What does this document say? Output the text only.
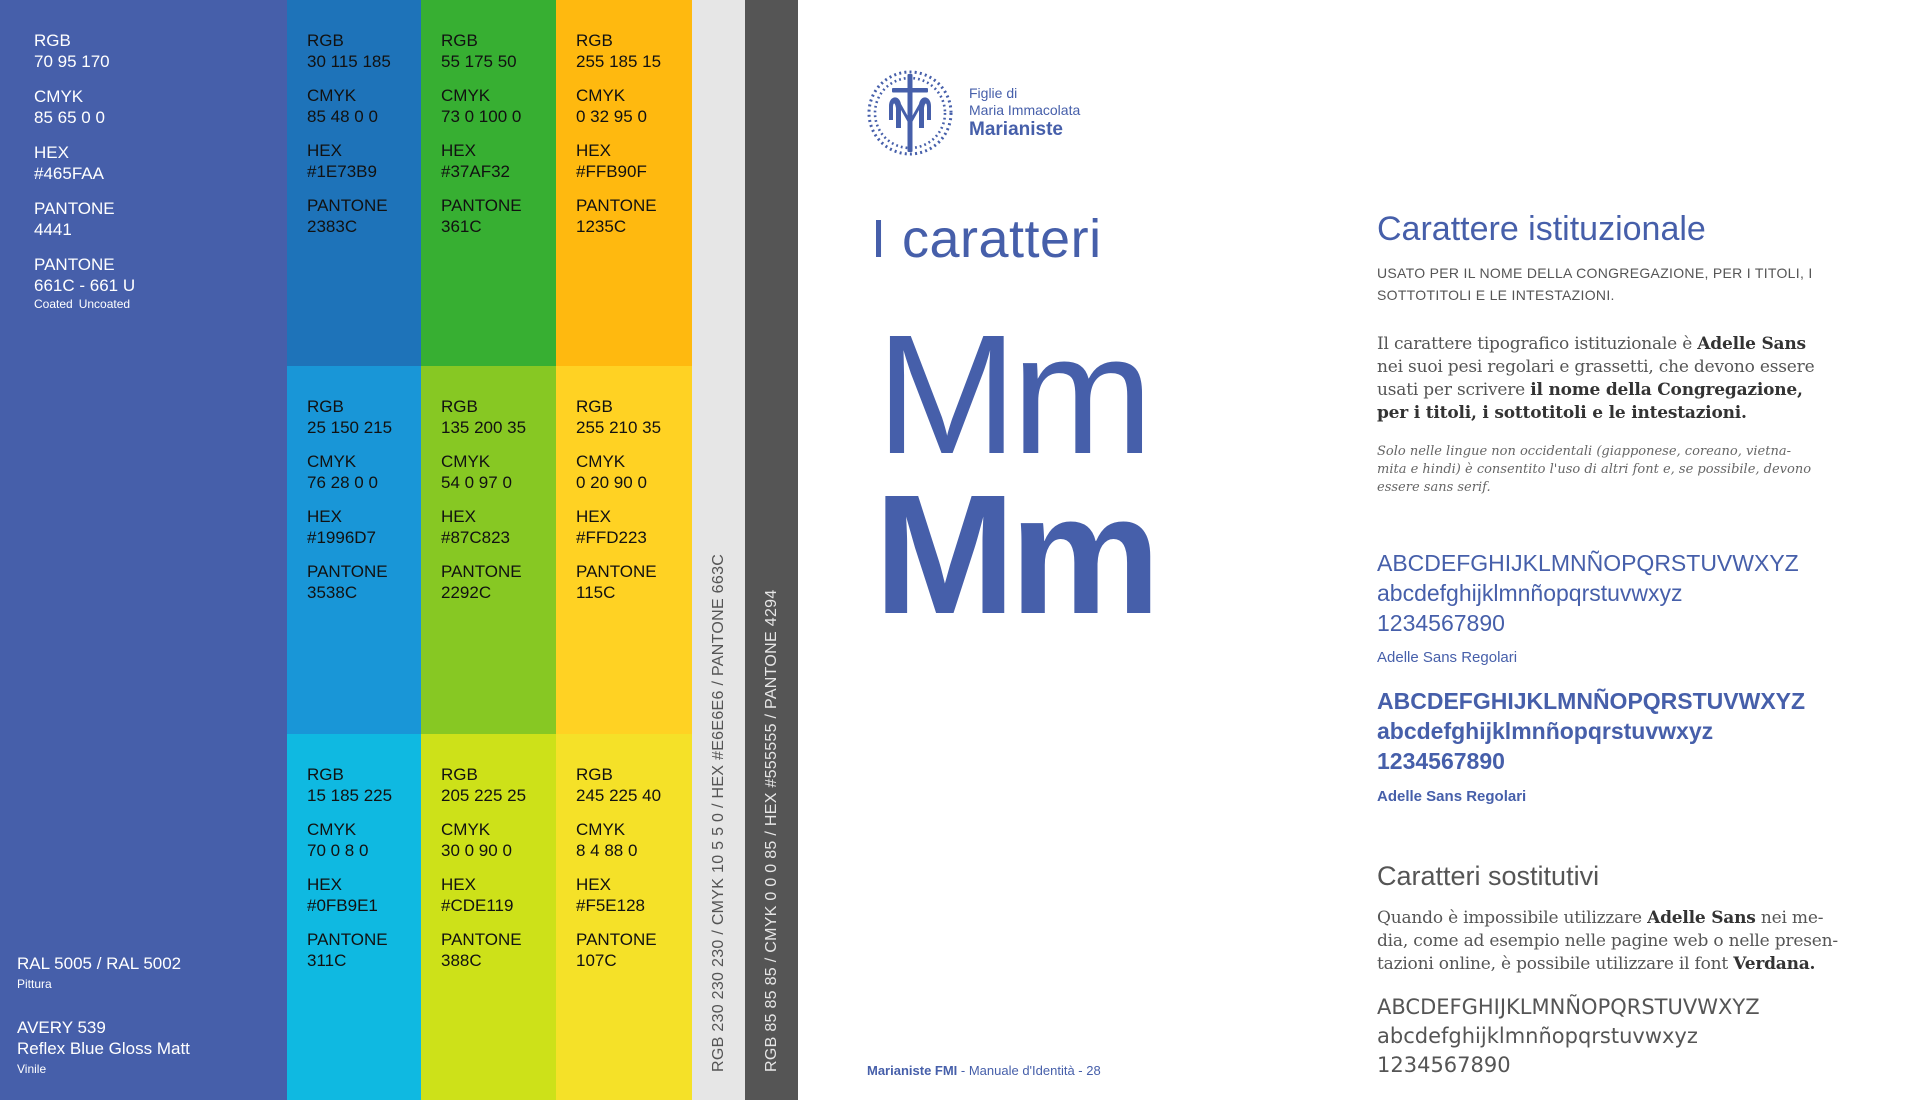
RGB
70 95 170
CMYK
85 65 0 0
HEX
#465FAA
PANTONE
4441
PANTONE
661C - 661 U
Coated Uncoated
RAL 5005 / RAL 5002
Pittura
AVERY 539
Reflex Blue Gloss Matt
Vinile
RGB
30 115 185
CMYK
85 48 0 0
HEX
#1E73B9
PANTONE
2383C
RGB
55 175 50
CMYK
73 0 100 0
HEX
#37AF32
PANTONE
361C
RGB
255 185 15
CMYK
0 32 95 0
HEX
#FFB90F
PANTONE
1235C
RGB
25 150 215
CMYK
76 28 0 0
HEX
#1996D7
PANTONE
3538C
RGB
135 200 35
CMYK
54 0 97 0
HEX
#87C823
PANTONE
2292C
RGB
255 210 35
CMYK
0 20 90 0
HEX
#FFD223
PANTONE
115C
RGB
15 185 225
CMYK
70 0 8 0
HEX
#0FB9E1
PANTONE
311C
RGB
205 225 25
CMYK
30 0 90 0
HEX
#CDE119
PANTONE
388C
RGB
245 225 40
CMYK
8 4 88 0
HEX
#F5E128
PANTONE
107C	RGB 230 230 230 / CMYK 10 5 5 0 / HEX #E6E6E6 / PANTONE 663C RGB 85 85 85 / CMYK 0 0 0 85 / HEX #555555 / PANTONE 4294
Figlie di
Maria Immacolata
Marianiste
I caratteri
Mm
Mm
Carattere istituzionale
USATO PER IL NOME DELLA CONGREGAZIONE, PER I TITOLI, I
SOTTOTITOLI E LE INTESTAZIONI.
Il carattere tipografico istituzionale è Adelle Sans
nei suoi pesi regolari e grassetti, che devono essere
usati per scrivere il nome della Congregazione,
per i titoli, i sottotitoli e le intestazioni.
Solo nelle lingue non occidentali (giapponese, coreano, vietna-
mita e hindi) è consentito l'uso di altri font e, se possibile, devono
essere sans serif.
ABCDEFGHIJKLMNÑOPQRSTUVWXYZ
abcdefghijklmnñopqrstuvwxyz
1234567890
Adelle Sans Regolari
ABCDEFGHIJKLMNÑOPQRSTUVWXYZ
abcdefghijklmnñopqrstuvwxyz
1234567890
Adelle Sans Regolari
Caratteri sostitutivi
Quando è impossibile utilizzare Adelle Sans nei me-
dia, come ad esempio nelle pagine web o nelle presen-
tazioni online, è possibile utilizzare il font Verdana.
ABCDEFGHIJKLMNÑOPQRSTUVWXYZ
abcdefghijklmnñopqrstuvwxyz
1234567890
Marianiste FMI - Manuale d'Identità - 28
